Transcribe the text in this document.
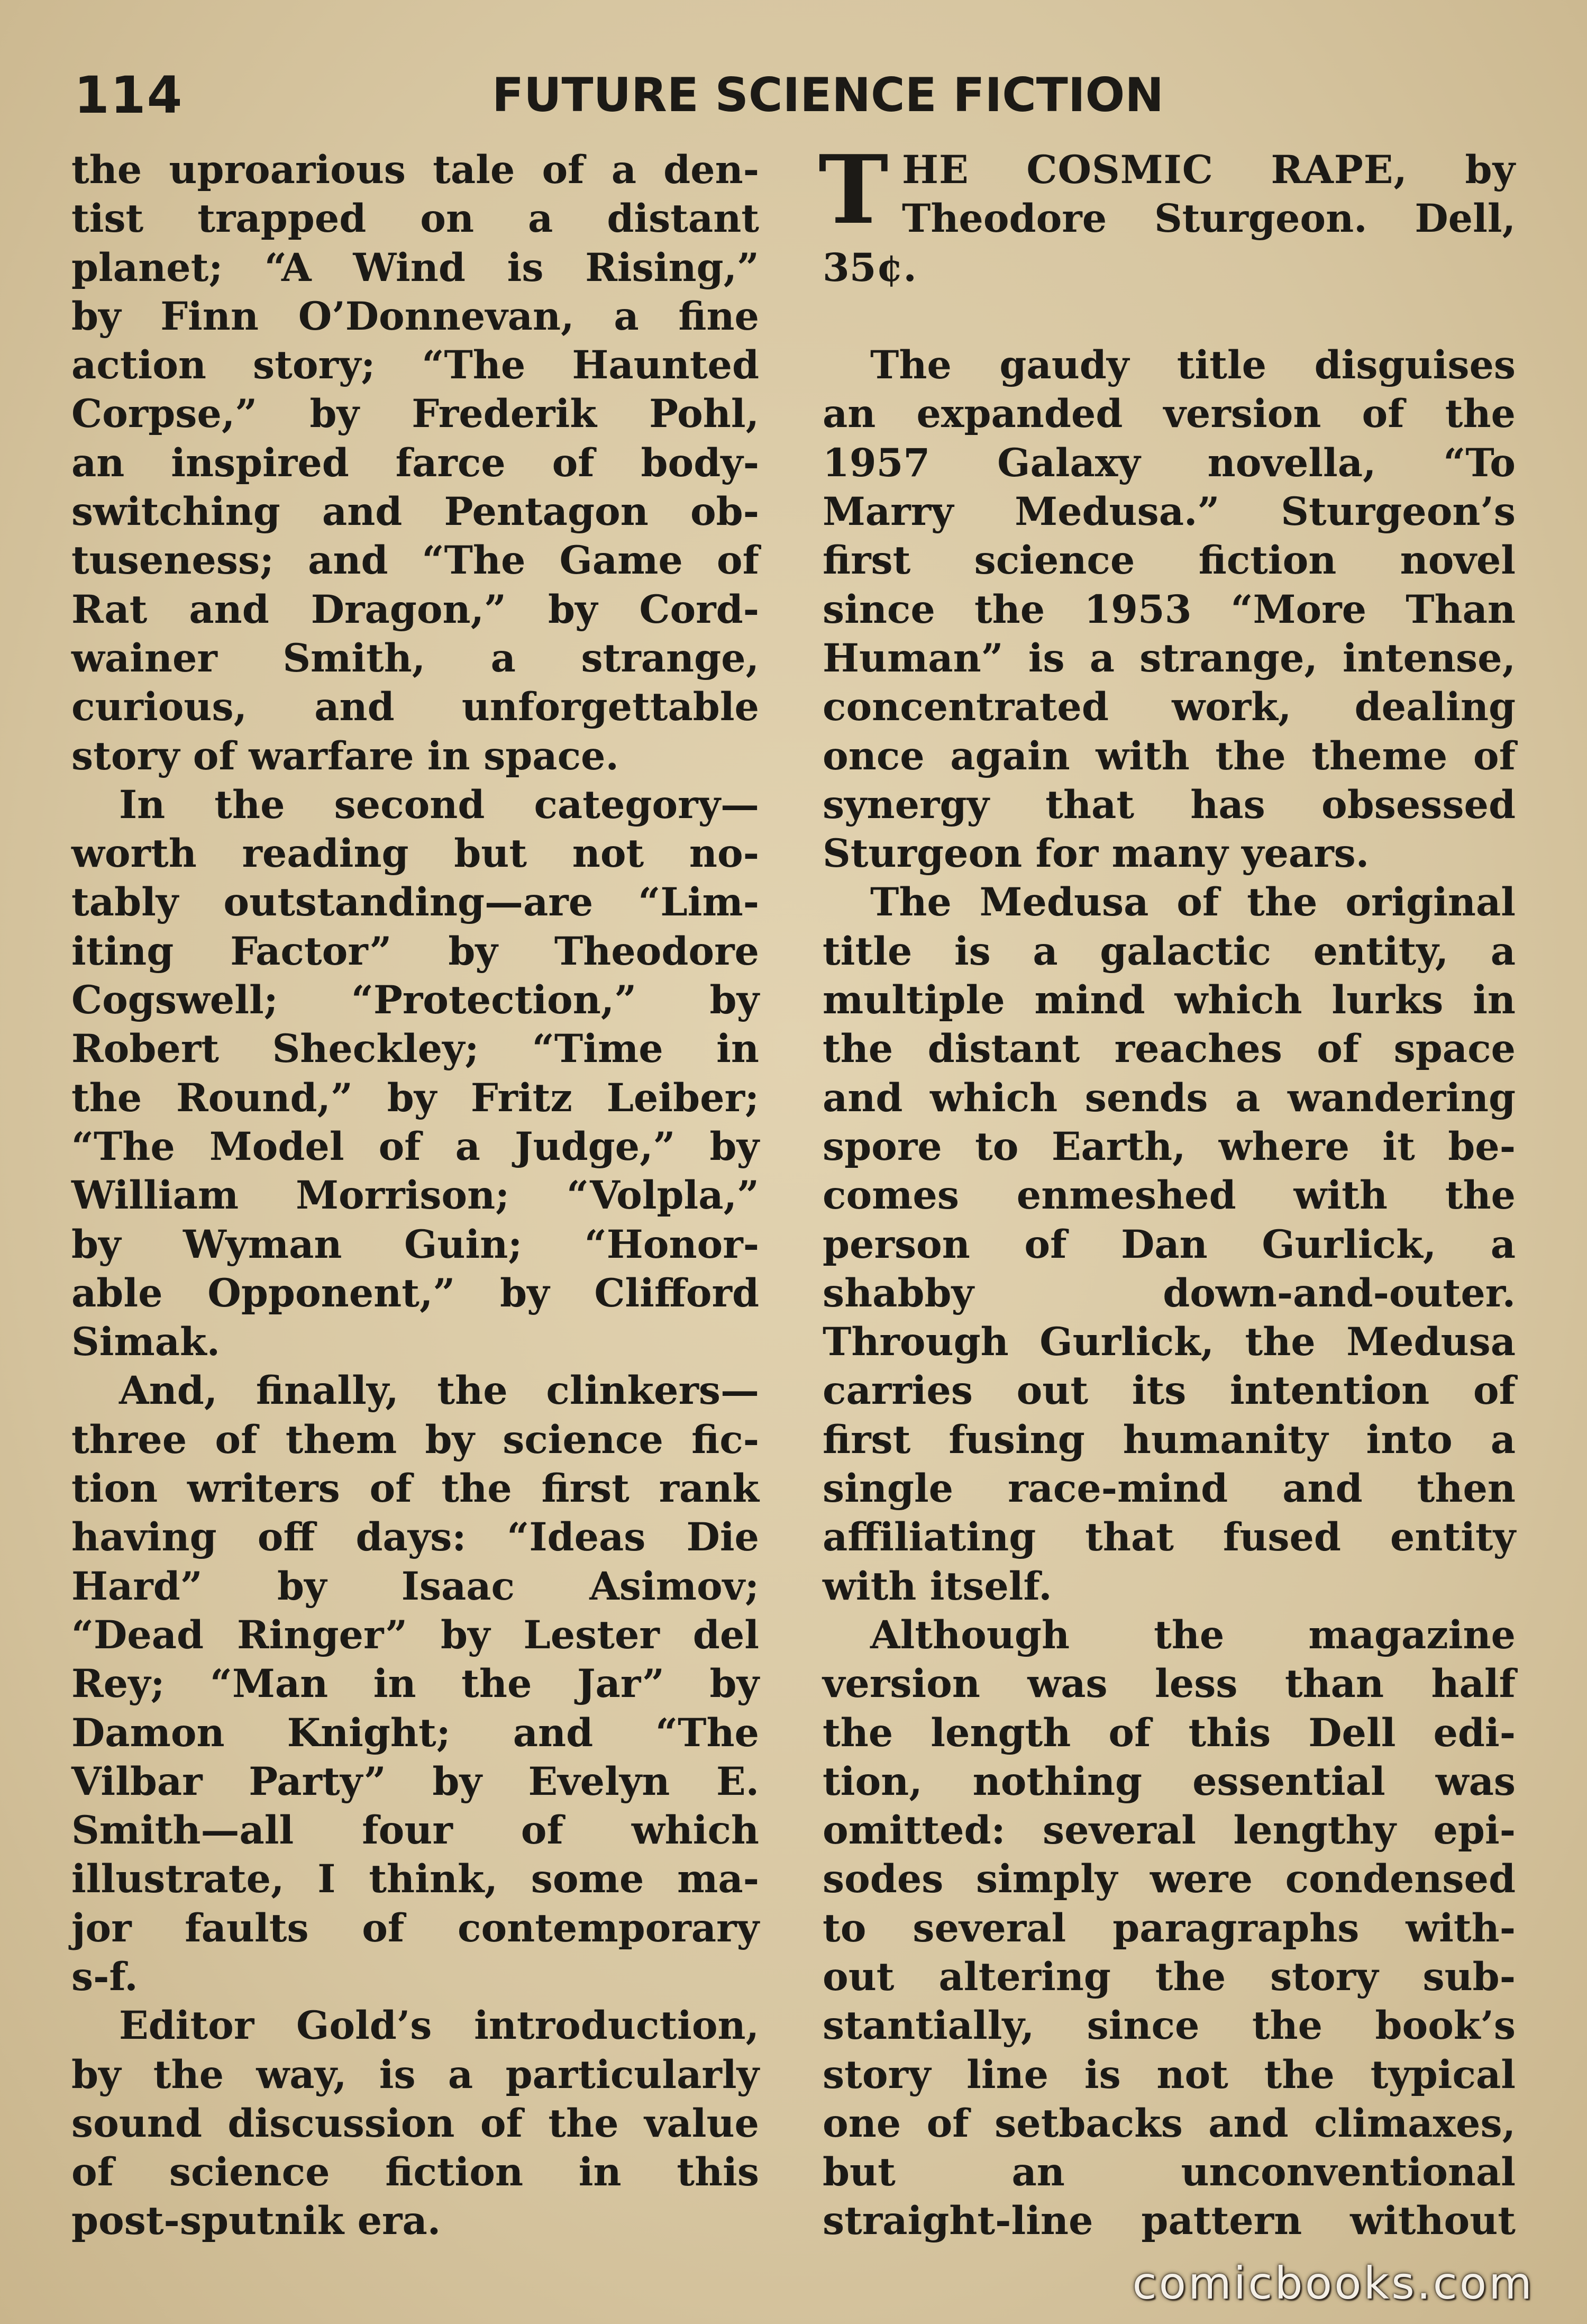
114	FUTURE SCIENCE FICTION
the uproarious tale of a den-
tist trapped on a distant
planet; “A Wind is Rising,”
by Finn O’Donnevan, a fine
action story; “The Haunted
Corpse,” by Frederik Pohl,
an inspired farce of body-
switching and Pentagon ob-
tuseness; and “The Game of
Rat and Dragon,” by Cord-
wainer Smith, a strange,
curious, and unforgettable
story of warfare in space.
In the second category—
worth reading but not no-
tably outstanding—are “Lim-
iting Factor” by Theodore
Cogswell; “Protection,” by
Robert Sheckley; “Time in
the Round,” by Fritz Leiber;
“The Model of a Judge,” by
William Morrison; “Volpla,”
by Wyman Guin; “Honor-
able Opponent,” by Clifford
Simak.
And, finally, the clinkers—
three of them by science fic-
tion writers of the first rank
having off days: “Ideas Die
Hard” by Isaac Asimov;
“Dead Ringer” by Lester del
Rey; “Man in the Jar” by
Damon Knight; and “The
Vilbar Party” by Evelyn E.
Smith—all four of which
illustrate, I think, some ma-
jor faults of contemporary
s-f.
Editor Gold’s introduction,
by the way, is a particularly
sound discussion of the value
of science fiction in this
post-sputnik era.
T HE COSMIC RAPE, by
Theodore Sturgeon. Dell,
35¢.
The gaudy title disguises
an expanded version of the
1957 Galaxy novella, “To
Marry Medusa.” Sturgeon’s
first science fiction novel
since the 1953 “More Than
Human” is a strange, intense,
concentrated work, dealing
once again with the theme of
synergy that has obsessed
Sturgeon for many years.
The Medusa of the original
title is a galactic entity, a
multiple mind which lurks in
the distant reaches of space
and which sends a wandering
spore to Earth, where it be-
comes enmeshed with the
person of Dan Gurlick, a
shabby down-and-outer.
Through Gurlick, the Medusa
carries out its intention of
first fusing humanity into a
single race-mind and then
affiliating that fused entity
with itself.
Although the magazine
version was less than half
the length of this Dell edi-
tion, nothing essential was
omitted: several lengthy epi-
sodes simply were condensed
to several paragraphs with-
out altering the story sub-
stantially, since the book’s
story line is not the typical
one of setbacks and climaxes,
but an unconventional
straight-line pattern without
comicbooks.com
